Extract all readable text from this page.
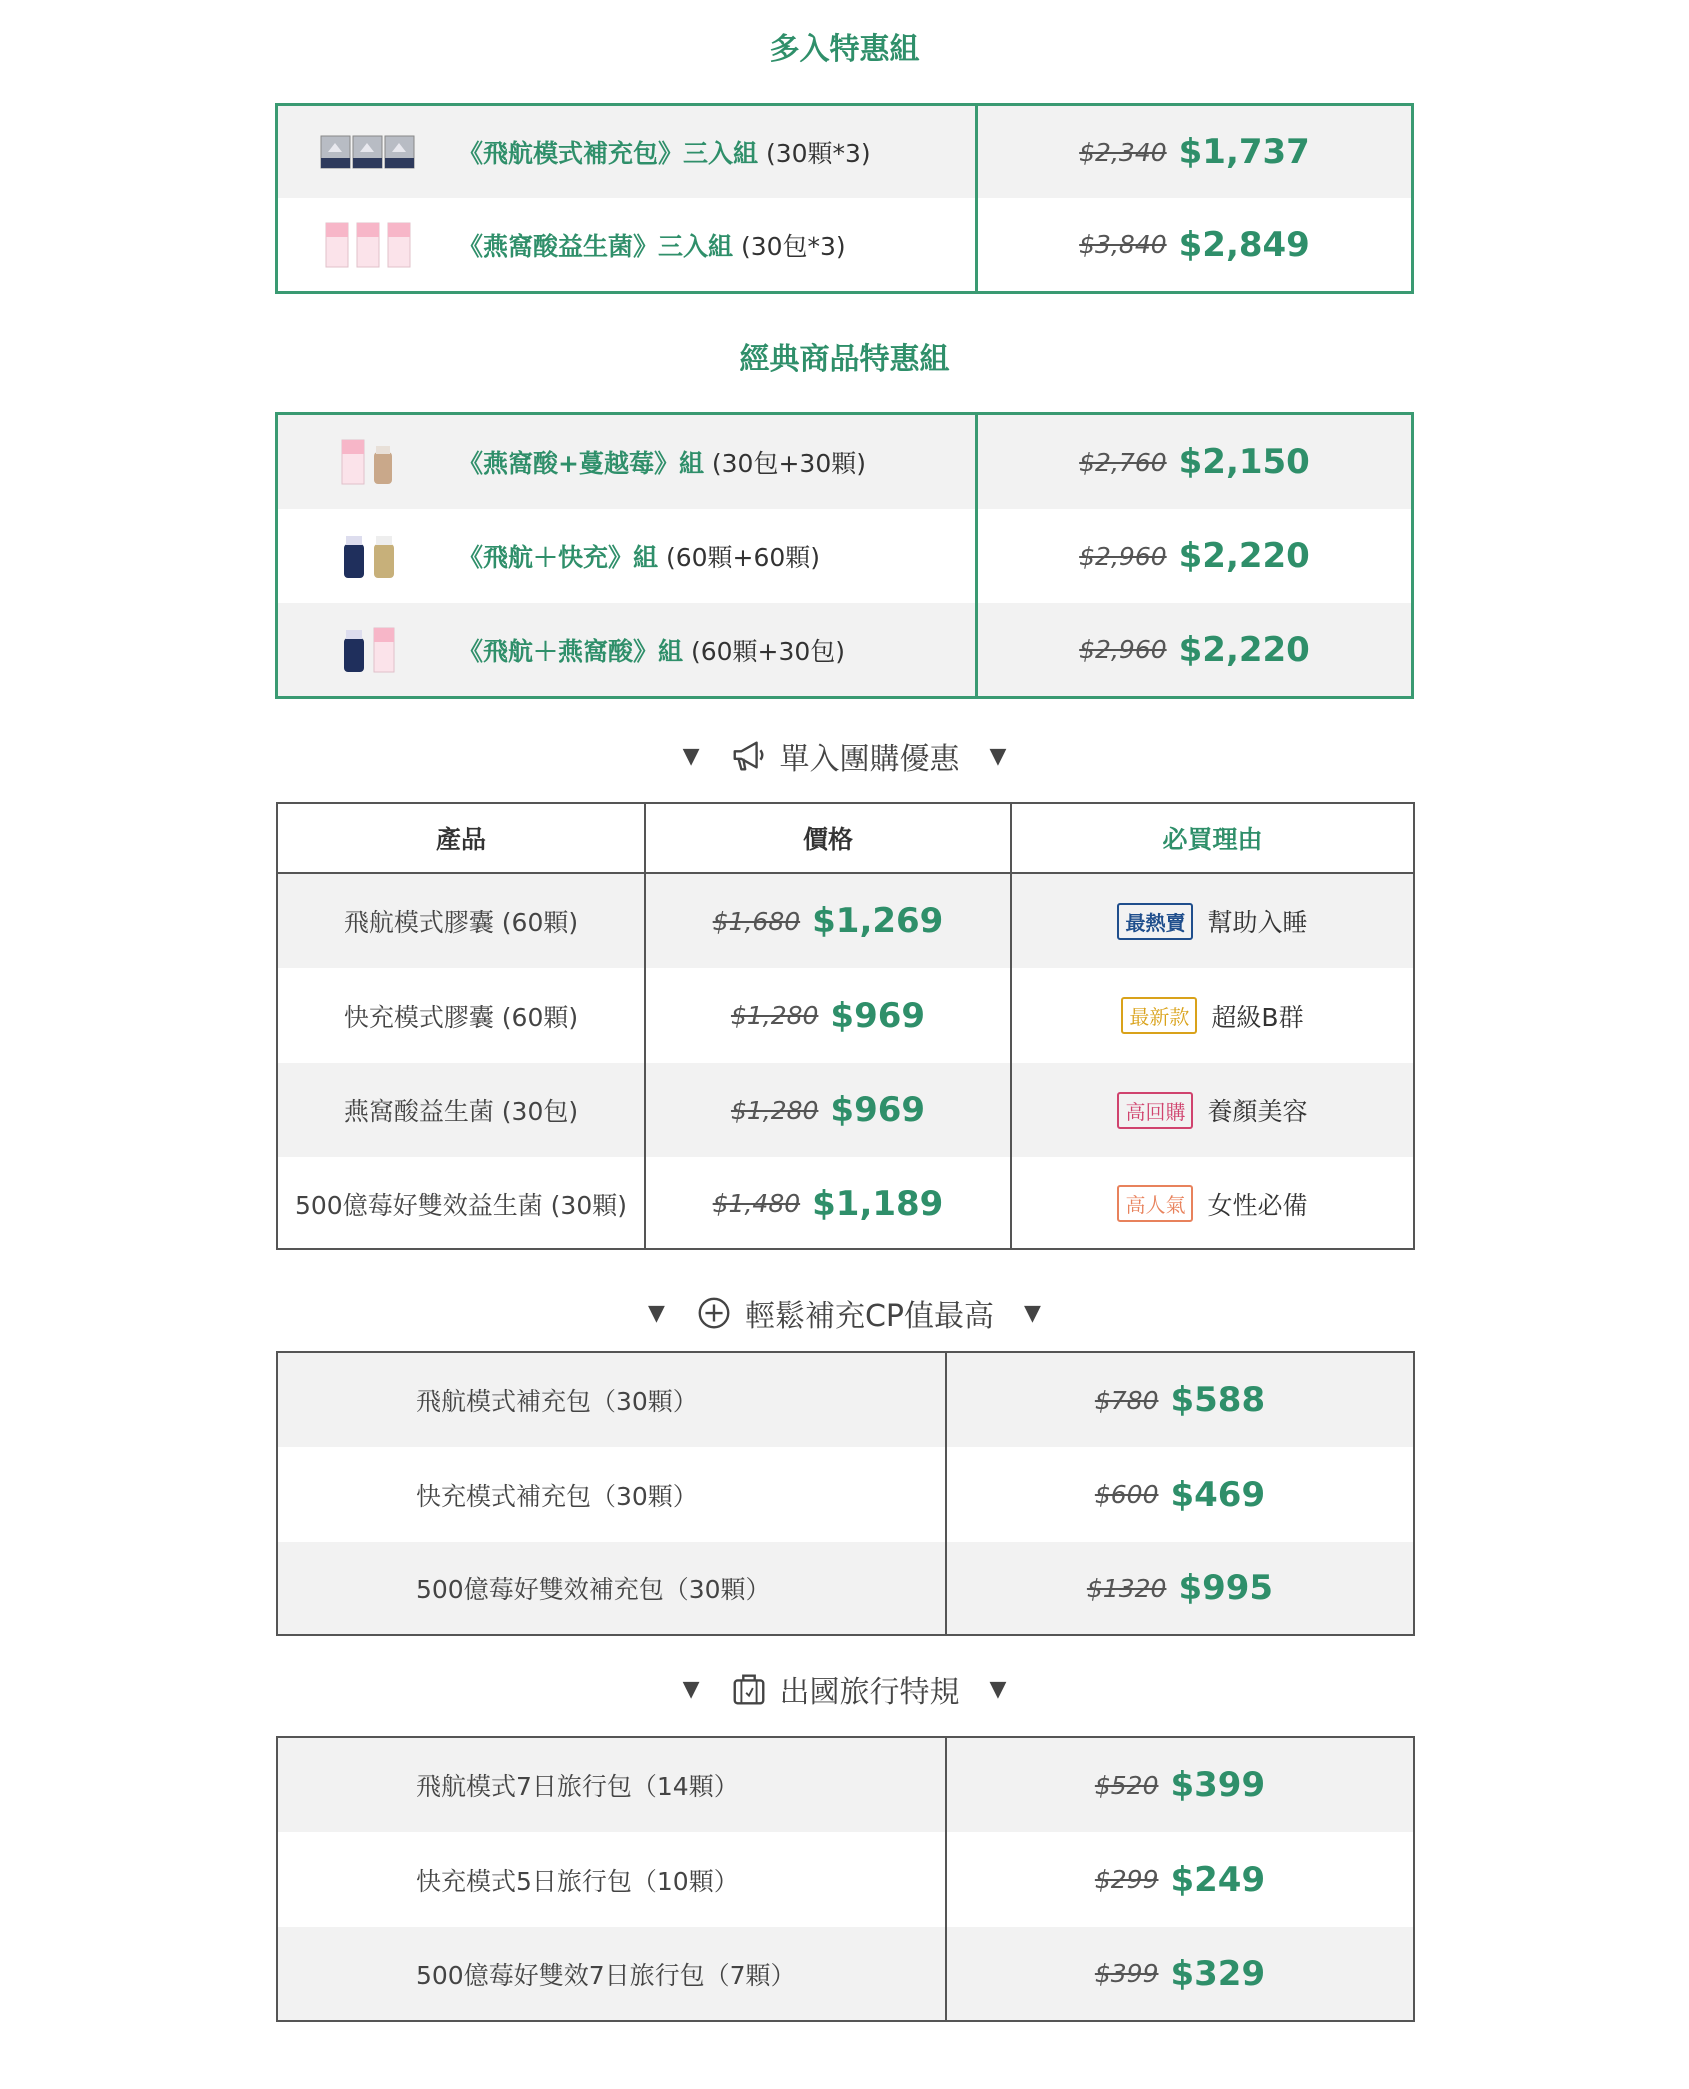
多入特惠組
《飛航模式補充包》三入組 (30顆*3)	$2,340 $1,737
《燕窩酸益生菌》三入組 (30包*3)	$3,840 $2,849
經典商品特惠組
《燕窩酸+蔓越莓》組 (30包+30顆)	$2,760 $2,150
《飛航＋快充》組 (60顆+60顆)	$2,960 $2,220
《飛航＋燕窩酸》組 (60顆+30包)	$2,960 $2,220
▼	單入團購優惠 ▼
產品	價格	必買理由
飛航模式膠囊 (60顆)	$1,680 $1,269	最熱賣 幫助入睡
快充模式膠囊 (60顆)	$1,280 $969	最新款 超級B群
燕窩酸益生菌 (30包)	$1,280 $969	高回購 養顏美容
500億莓好雙效益生菌 (30顆)	$1,480 $1,189	高人氣 女性必備
▼	輕鬆補充CP值最高 ▼
飛航模式補充包（30顆）	$780 $588
快充模式補充包（30顆）	$600 $469
500億莓好雙效補充包（30顆）	$1320 $995
▼	出國旅行特規 ▼
飛航模式7日旅行包（14顆）	$520 $399
快充模式5日旅行包（10顆）	$299 $249
500億莓好雙效7日旅行包（7顆）	$399 $329
